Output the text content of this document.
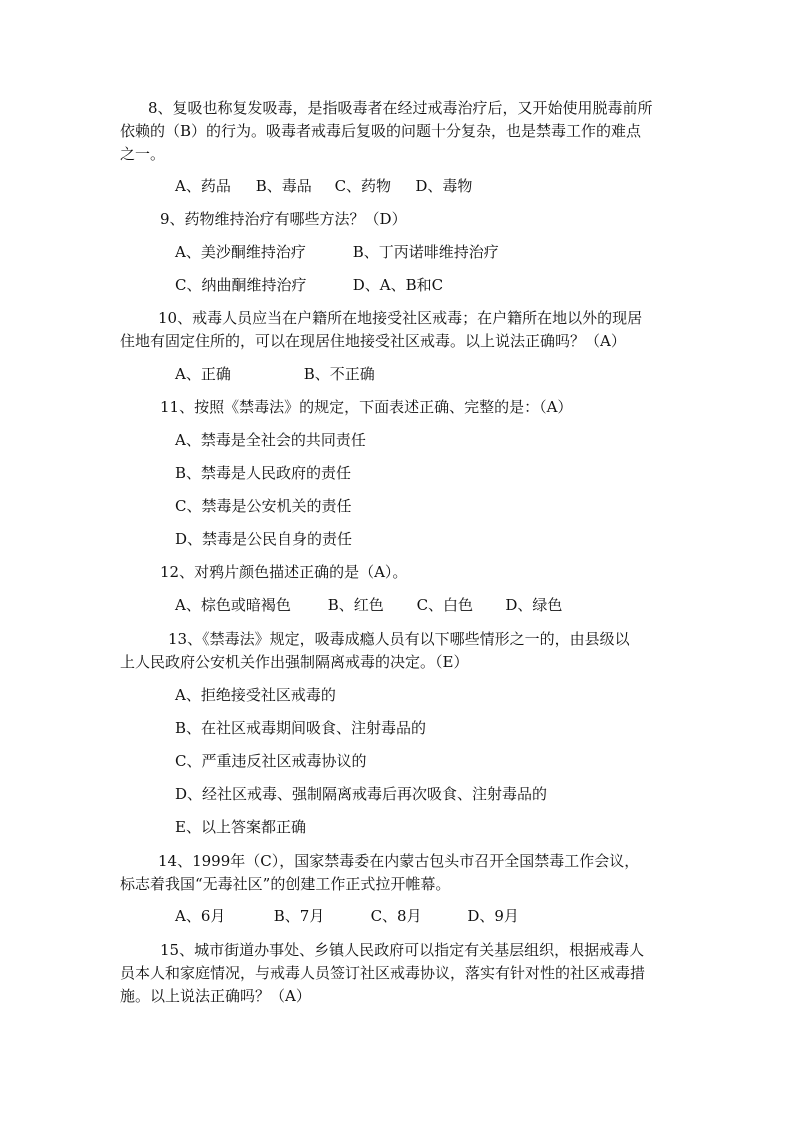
8、复吸也称复发吸毒，是指吸毒者在经过戒毒治疗后，又开始使用脱毒前所
依赖的（B）的行为。吸毒者戒毒后复吸的问题十分复杂，也是禁毒工作的难点
之一。
A、药品 B、毒品 C、药物 D、毒物
9、药物维持治疗有哪些方法？（D）
A、美沙酮维持治疗	B、丁丙诺啡维持治疗
C、纳曲酮维持治疗	D、A、B和C
10、戒毒人员应当在户籍所在地接受社区戒毒；在户籍所在地以外的现居
住地有固定住所的，可以在现居住地接受社区戒毒。以上说法正确吗？（A）
A、正确	B、不正确
11、按照《禁毒法》的规定，下面表述正确、完整的是：（A）
A、禁毒是全社会的共同责任
B、禁毒是人民政府的责任
C、禁毒是公安机关的责任
D、禁毒是公民自身的责任
12、对鸦片颜色描述正确的是（A）。
A、棕色或暗褐色 B、红色 C、白色 D、绿色
13、《禁毒法》规定，吸毒成瘾人员有以下哪些情形之一的，由县级以
上人民政府公安机关作出强制隔离戒毒的决定。（E）
A、拒绝接受社区戒毒的
B、在社区戒毒期间吸食、注射毒品的
C、严重违反社区戒毒协议的
D、经社区戒毒、强制隔离戒毒后再次吸食、注射毒品的
E、以上答案都正确
14、1999年（C），国家禁毒委在内蒙古包头市召开全国禁毒工作会议，
标志着我国“无毒社区”的创建工作正式拉开帷幕。
A、6月	B、7月	C、8月	D、9月
15、城市街道办事处、乡镇人民政府可以指定有关基层组织，根据戒毒人
员本人和家庭情况，与戒毒人员签订社区戒毒协议，落实有针对性的社区戒毒措
施。以上说法正确吗？（A）
